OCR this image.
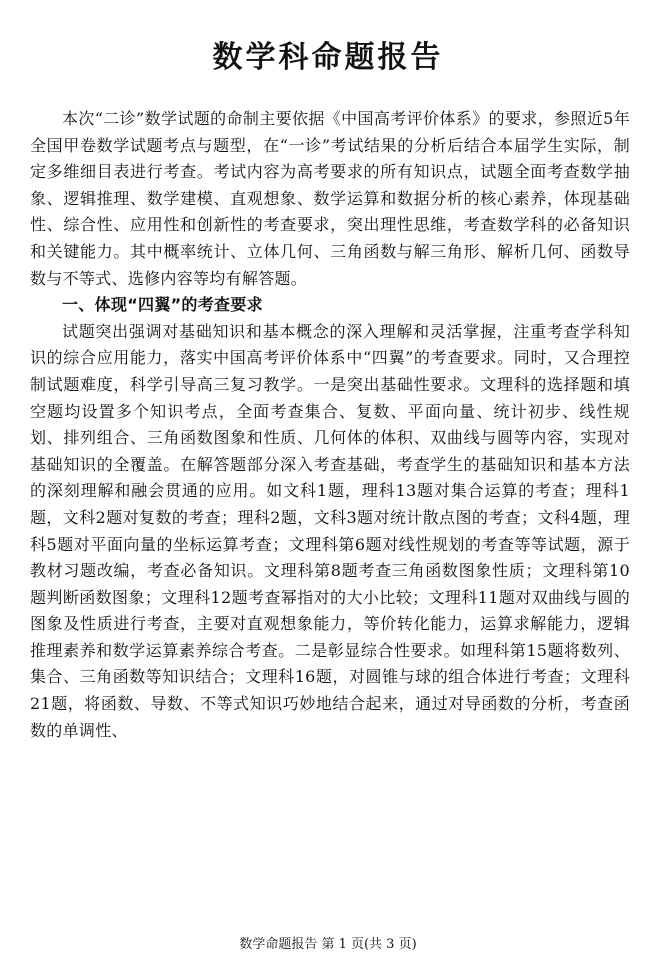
数学科命题报告

本次“二诊”数学试题的命制主要依据《中国高考评价体系》的要求，参照近5年全国甲卷数学试题考点与题型，在“一诊”考试结果的分析后结合本届学生实际，制定多维细目表进行考查。考试内容为高考要求的所有知识点，试题全面考查数学抽象、逻辑推理、数学建模、直观想象、数学运算和数据分析的核心素养，体现基础性、综合性、应用性和创新性的考查要求，突出理性思维，考查数学科的必备知识和关键能力。其中概率统计、立体几何、三角函数与解三角形、解析几何、函数导数与不等式、选修内容等均有解答题。

一、体现“四翼”的考查要求

试题突出强调对基础知识和基本概念的深入理解和灵活掌握，注重考查学科知识的综合应用能力，落实中国高考评价体系中“四翼”的考查要求。同时，又合理控制试题难度，科学引导高三复习教学。一是突出基础性要求。文理科的选择题和填空题均设置多个知识考点，全面考查集合、复数、平面向量、统计初步、线性规划、排列组合、三角函数图象和性质、几何体的体积、双曲线与圆等内容，实现对基础知识的全覆盖。在解答题部分深入考查基础，考查学生的基础知识和基本方法的深刻理解和融会贯通的应用。如文科1题，理科13题对集合运算的考查；理科1题，文科2题对复数的考查；理科2题，文科3题对统计散点图的考查；文科4题，理科5题对平面向量的坐标运算考查；文理科第6题对线性规划的考查等等试题，源于教材习题改编，考查必备知识。文理科第8题考查三角函数图象性质；文理科第10题判断函数图象；文理科12题考查幂指对的大小比较；文理科11题对双曲线与圆的图象及性质进行考查，主要对直观想象能力，等价转化能力，运算求解能力，逻辑推理素养和数学运算素养综合考查。二是彰显综合性要求。如理科第15题将数列、集合、三角函数等知识结合；文理科16题，对圆锥与球的组合体进行考查；文理科21题，将函数、导数、不等式知识巧妙地结合起来，通过对导函数的分析，考查函数的单调性、

数学命题报告 第 1 页(共 3 页)
